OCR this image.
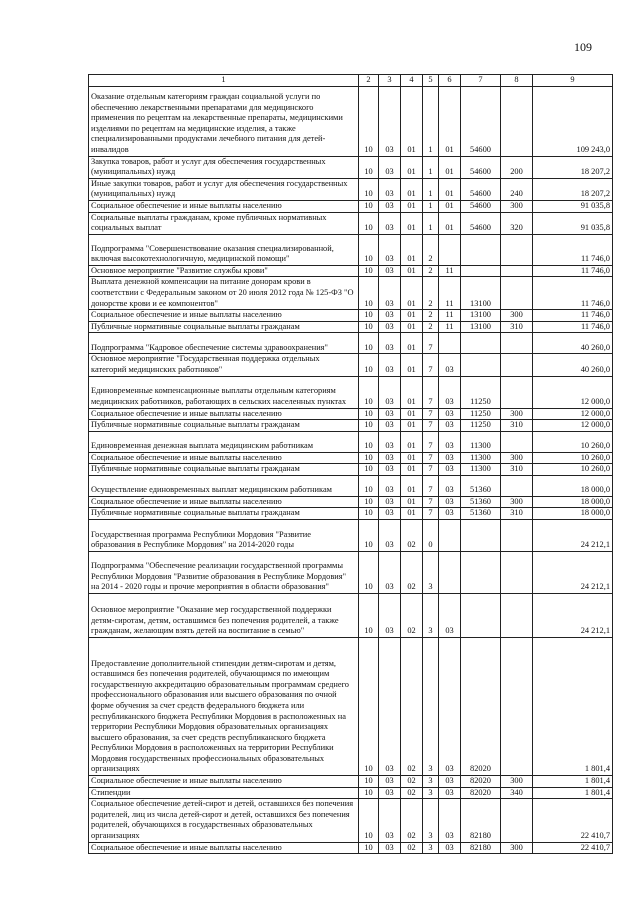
109
1	2	3	4	5	6	7	8	9
Оказание отдельным категориям граждан социальной услуги по обеспечению лекарственными препаратами для медицинского применения по рецептам на лекарственные препараты, медицинскими изделиями по рецептам на медицинские изделия, а также специализированными продуктами лечебного питания для детей-инвалидов	10	03	01	1	01	54600		109 243,0
Закупка товаров, работ и услуг для обеспечения государственных (муниципальных) нужд	10	03	01	1	01	54600	200	18 207,2
Иные закупки товаров, работ и услуг для обеспечения государственных (муниципальных) нужд	10	03	01	1	01	54600	240	18 207,2
Социальное обеспечение и иные выплаты населению	10	03	01	1	01	54600	300	91 035,8
Социальные выплаты гражданам, кроме публичных нормативных социальных выплат	10	03	01	1	01	54600	320	91 035,8
Подпрограмма "Совершенствование оказания специализированной, включая высокотехнологичную, медицинской помощи"	10	03	01	2				11 746,0
Основное мероприятие "Развитие службы крови"	10	03	01	2	11			11 746,0
Выплата денежной компенсации на питание донорам крови в соответствии с Федеральным законом от 20 июля 2012 года № 125-ФЗ "О донорстве крови и ее компонентов"	10	03	01	2	11	13100		11 746,0
Социальное обеспечение и иные выплаты населению	10	03	01	2	11	13100	300	11 746,0
Публичные нормативные социальные выплаты гражданам	10	03	01	2	11	13100	310	11 746,0
Подпрограмма "Кадровое обеспечение системы здравоохранения"	10	03	01	7				40 260,0
Основное мероприятие "Государственная поддержка отдельных категорий медицинских работников"	10	03	01	7	03			40 260,0
Единовременные компенсационные выплаты отдельным категориям медицинских работников, работающих в сельских населенных пунктах	10	03	01	7	03	11250		12 000,0
Социальное обеспечение и иные выплаты населению	10	03	01	7	03	11250	300	12 000,0
Публичные нормативные социальные выплаты гражданам	10	03	01	7	03	11250	310	12 000,0
Единовременная денежная выплата медицинским работникам	10	03	01	7	03	11300		10 260,0
Социальное обеспечение и иные выплаты населению	10	03	01	7	03	11300	300	10 260,0
Публичные нормативные социальные выплаты гражданам	10	03	01	7	03	11300	310	10 260,0
Осуществление единовременных выплат медицинским работникам	10	03	01	7	03	51360		18 000,0
Социальное обеспечение и иные выплаты населению	10	03	01	7	03	51360	300	18 000,0
Публичные нормативные социальные выплаты гражданам	10	03	01	7	03	51360	310	18 000,0
Государственная программа Республики Мордовия "Развитие образования в Республике Мордовия" на 2014-2020 годы	10	03	02	0				24 212,1
Подпрограмма "Обеспечение реализации государственной программы Республики Мордовия "Развитие образования в Республике Мордовия" на 2014 - 2020 годы и прочие мероприятия в области образования"	10	03	02	3				24 212,1
Основное мероприятие "Оказание мер государственной поддержки детям-сиротам, детям, оставшимся без попечения родителей, а также гражданам, желающим взять детей на воспитание в семью"	10	03	02	3	03			24 212,1
Предоставление дополнительной стипендии детям-сиротам и детям, оставшимся без попечения родителей, обучающимся по имеющим государственную аккредитацию образовательным программам среднего профессионального образования или высшего образования по очной форме обучения за счет средств федерального бюджета или республиканского бюджета Республики Мордовия в расположенных на территории Республики Мордовия образовательных организациях высшего образования, за счет средств республиканского бюджета Республики Мордовия в расположенных на территории Республики Мордовия государственных профессиональных образовательных организациях	10	03	02	3	03	82020		1 801,4
Социальное обеспечение и иные выплаты населению	10	03	02	3	03	82020	300	1 801,4
Стипендии	10	03	02	3	03	82020	340	1 801,4
Социальное обеспечение детей-сирот и детей, оставшихся без попечения родителей, лиц из числа детей-сирот и детей, оставшихся без попечения родителей, обучающихся в государственных образовательных организациях	10	03	02	3	03	82180		22 410,7
Социальное обеспечение и иные выплаты населению	10	03	02	3	03	82180	300	22 410,7
